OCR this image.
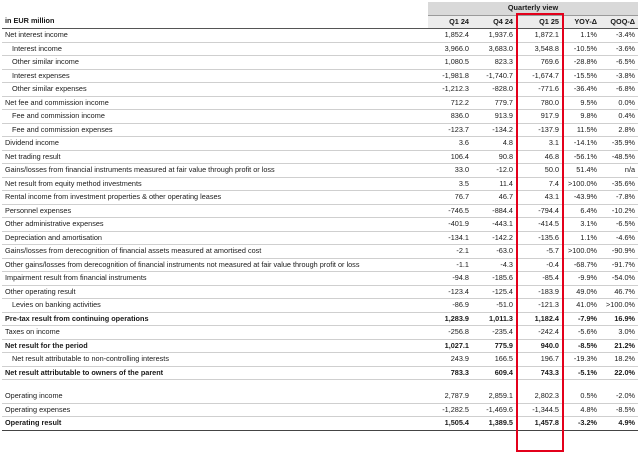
	Quarterly view				
in EUR million	Q1 24	Q4 24	Q1 25	YOY-Δ	QOQ-Δ
Net interest income	1,852.4	1,937.6	1,872.1	1.1%	-3.4%
Interest income	3,966.0	3,683.0	3,548.8	-10.5%	-3.6%
Other similar income	1,080.5	823.3	769.6	-28.8%	-6.5%
Interest expenses	-1,981.8	-1,740.7	-1,674.7	-15.5%	-3.8%
Other similar expenses	-1,212.3	-828.0	-771.6	-36.4%	-6.8%
Net fee and commission income	712.2	779.7	780.0	9.5%	0.0%
Fee and commission income	836.0	913.9	917.9	9.8%	0.4%
Fee and commission expenses	-123.7	-134.2	-137.9	11.5%	2.8%
Dividend income	3.6	4.8	3.1	-14.1%	-35.9%
Net trading result	106.4	90.8	46.8	-56.1%	-48.5%
Gains/losses from financial instruments measured at fair value through profit or loss	33.0	-12.0	50.0	51.4%	n/a
Net result from equity method investments	3.5	11.4	7.4	>100.0%	-35.6%
Rental income from investment properties & other operating leases	76.7	46.7	43.1	-43.9%	-7.8%
Personnel expenses	-746.5	-884.4	-794.4	6.4%	-10.2%
Other administrative expenses	-401.9	-443.1	-414.5	3.1%	-6.5%
Depreciation and amortisation	-134.1	-142.2	-135.6	1.1%	-4.6%
Gains/losses from derecognition of financial assets measured at amortised cost	-2.1	-63.0	-5.7	>100.0%	-90.9%
Other gains/losses from derecognition of financial instruments not measured at fair value through profit or loss	-1.1	-4.3	-0.4	-68.7%	-91.7%
Impairment result from financial instruments	-94.8	-185.6	-85.4	-9.9%	-54.0%
Other operating result	-123.4	-125.4	-183.9	49.0%	46.7%
Levies on banking activities	-86.9	-51.0	-121.3	41.0%	>100.0%
Pre-tax result from continuing operations	1,283.9	1,011.3	1,182.4	-7.9%	16.9%
Taxes on income	-256.8	-235.4	-242.4	-5.6%	3.0%
Net result for the period	1,027.1	775.9	940.0	-8.5%	21.2%
Net result attributable to non-controlling interests	243.9	166.5	196.7	-19.3%	18.2%
Net result attributable to owners of the parent	783.3	609.4	743.3	-5.1%	22.0%

Operating income	2,787.9	2,859.1	2,802.3	0.5%	-2.0%
Operating expenses	-1,282.5	-1,469.6	-1,344.5	4.8%	-8.5%
Operating result	1,505.4	1,389.5	1,457.8	-3.2%	4.9%
